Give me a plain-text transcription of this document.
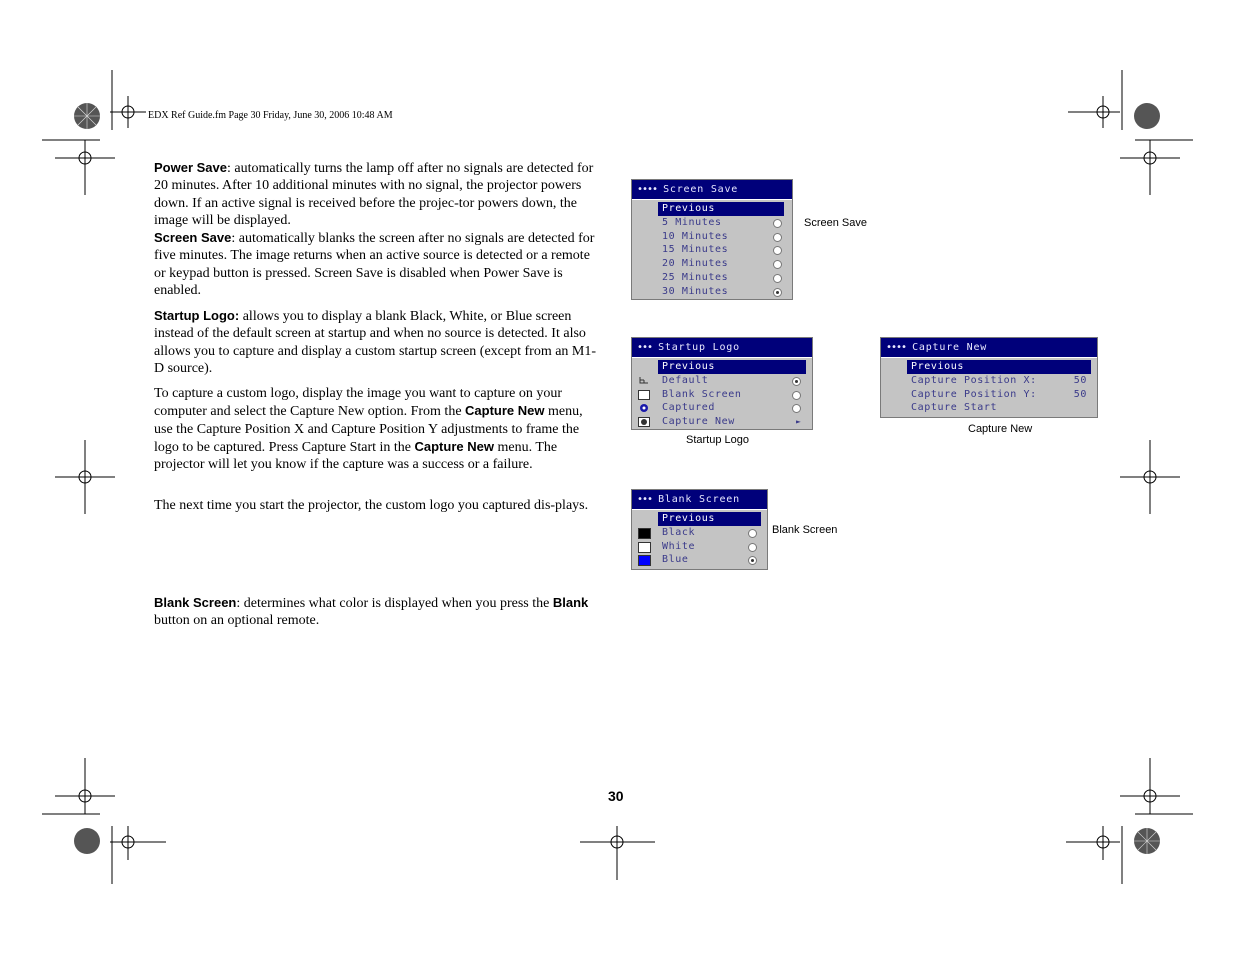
EDX Ref Guide.fm Page 30 Friday, June 30, 2006 10:48 AM
Power Save: automatically turns the lamp off after no signals are detected for 20 minutes. After 10 additional minutes with no signal, the projector powers down. If an active signal is received before the projec-tor powers down, the image will be displayed.
Screen Save: automatically blanks the screen after no signals are detected for five minutes. The image returns when an active source is detected or a remote or keypad button is pressed. Screen Save is disabled when Power Save is enabled.
Startup Logo: allows you to display a blank Black, White, or Blue screen instead of the default screen at startup and when no source is detected. It also allows you to capture and display a custom startup screen (except from an M1-D source).
To capture a custom logo, display the image you want to capture on your computer and select the Capture New option. From the Capture New menu, use the Capture Position X and Capture Position Y adjustments to frame the logo to be captured. Press Capture Start in the Capture New menu. The projector will let you know if the capture was a success or a failure.
The next time you start the projector, the custom logo you captured dis-plays.
Blank Screen: determines what color is displayed when you press the Blank button on an optional remote.
30
•••• Screen Save
Previous
5 Minutes
10 Minutes
15 Minutes
20 Minutes
25 Minutes
30 Minutes
Screen Save
••• Startup Logo
Previous
Default
Blank Screen
Captured
Capture New	►
Startup Logo
•••• Capture New
Previous
Capture Position X:	50
Capture Position Y:	50
Capture Start
Capture New
••• Blank Screen
Previous
Black
White
Blue
Blank Screen
